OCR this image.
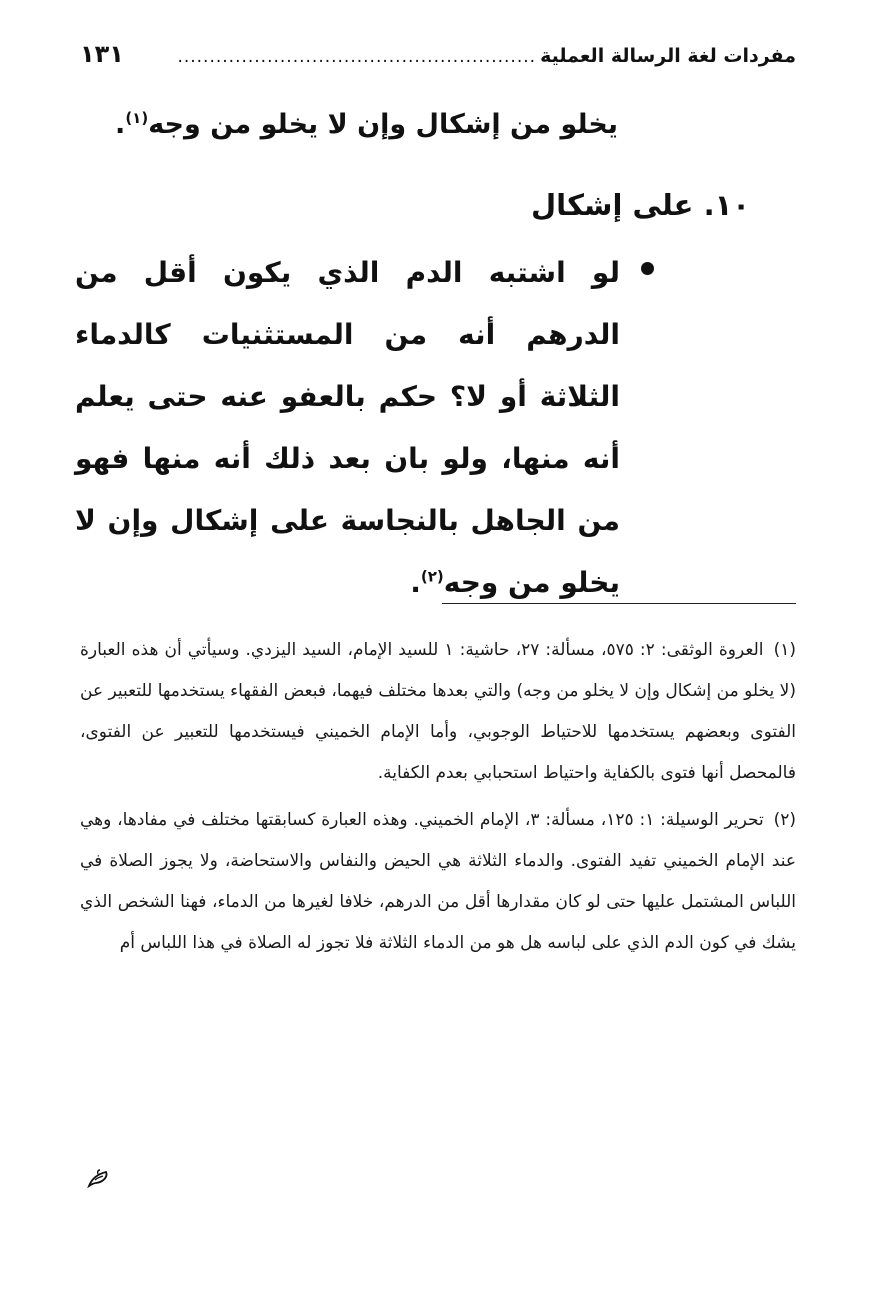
مفردات لغة الرسالة العملية
........................................................
١٣١
يخلو من إشكال وإن لا يخلو من وجه$^{(١)}$.
١٠. على إشكال
لو اشتبه الدم الذي يكون أقل من الدرهم أنه من المستثنيات كالدماء الثلاثة أو لا؟ حكم بالعفو عنه حتى يعلم أنه منها، ولو بان بعد ذلك أنه منها فهو من الجاهل بالنجاسة على إشكال وإن لا يخلو من وجه$^{(٢)}$.

(١) العروة الوثقى: ٢: ٥٧٥، مسألة: ٢٧، حاشية: ١ للسيد الإمام، السيد اليزدي. وسيأتي أن هذه العبارة (لا يخلو من إشكال وإن لا يخلو من وجه) والتي بعدها مختلف فيهما، فبعض الفقهاء يستخدمها للتعبير عن الفتوى وبعضهم يستخدمها للاحتياط الوجوبي، وأما الإمام الخميني فيستخدمها للتعبير عن الفتوى، فالمحصل أنها فتوى بالكفاية واحتياط استحبابي بعدم الكفاية.

(٢) تحرير الوسيلة: ١: ١٢٥، مسألة: ٣، الإمام الخميني. وهذه العبارة كسابقتها مختلف في مفادها، وهي عند الإمام الخميني تفيد الفتوى. والدماء الثلاثة هي الحيض والنفاس والاستحاضة، ولا يجوز الصلاة في اللباس المشتمل عليها حتى لو كان مقدارها أقل من الدرهم، خلافا لغيرها من الدماء، فهنا الشخص الذي يشك في كون الدم الذي على لباسه هل هو من الدماء الثلاثة فلا تجوز له الصلاة في هذا اللباس أم
